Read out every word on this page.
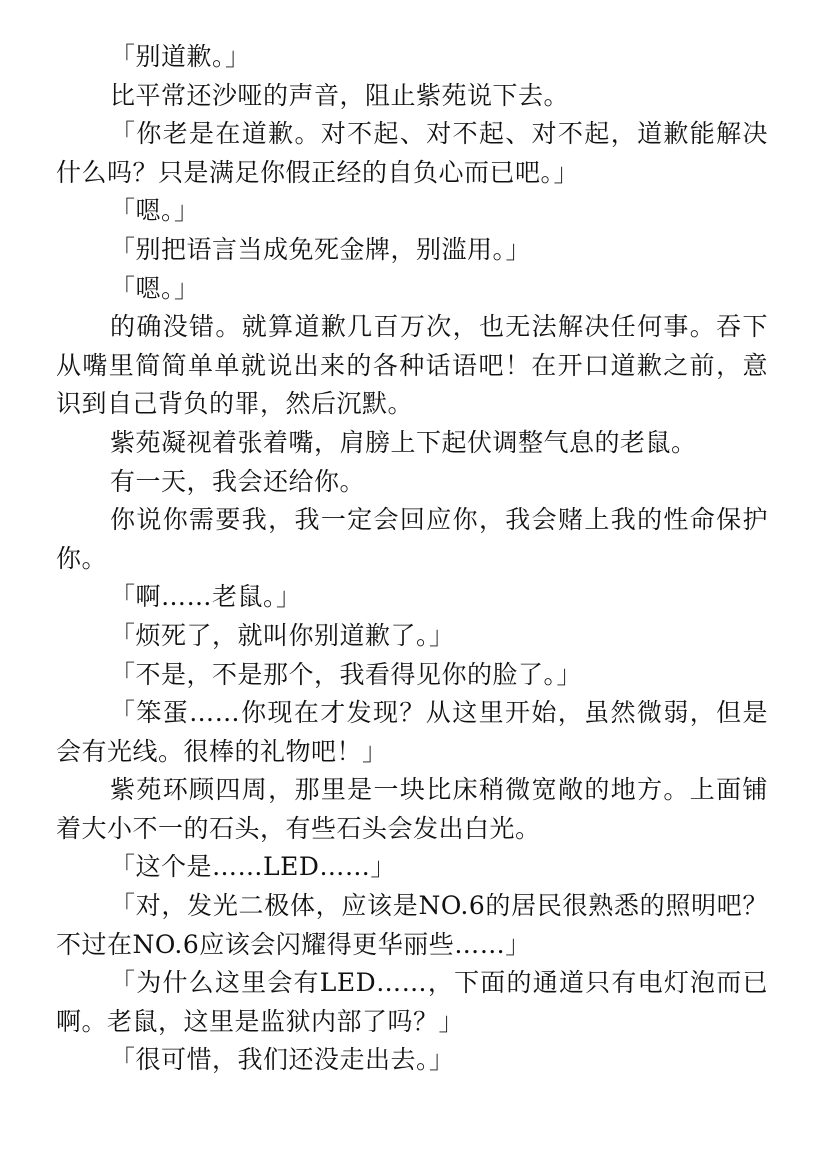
「别道歉。」

比平常还沙哑的声音，阻止紫苑说下去。

「你老是在道歉。对不起、对不起、对不起，道歉能解决什么吗？只是满足你假正经的自负心而已吧。」

「嗯。」

「别把语言当成免死金牌，别滥用。」

「嗯。」

的确没错。就算道歉几百万次，也无法解决任何事。吞下从嘴里简简单单就说出来的各种话语吧！在开口道歉之前，意识到自己背负的罪，然后沉默。

紫苑凝视着张着嘴，肩膀上下起伏调整气息的老鼠。

有一天，我会还给你。

你说你需要我，我一定会回应你，我会赌上我的性命保护你。

「啊……老鼠。」

「烦死了，就叫你别道歉了。」

「不是，不是那个，我看得见你的脸了。」

「笨蛋……你现在才发现？从这里开始，虽然微弱，但是会有光线。很棒的礼物吧！」

紫苑环顾四周，那里是一块比床稍微宽敞的地方。上面铺着大小不一的石头，有些石头会发出白光。

「这个是……LED……」

「对，发光二极体，应该是NO.6的居民很熟悉的照明吧？不过在NO.6应该会闪耀得更华丽些……」

「为什么这里会有LED……，下面的通道只有电灯泡而已啊。老鼠，这里是监狱内部了吗？」

「很可惜，我们还没走出去。」
